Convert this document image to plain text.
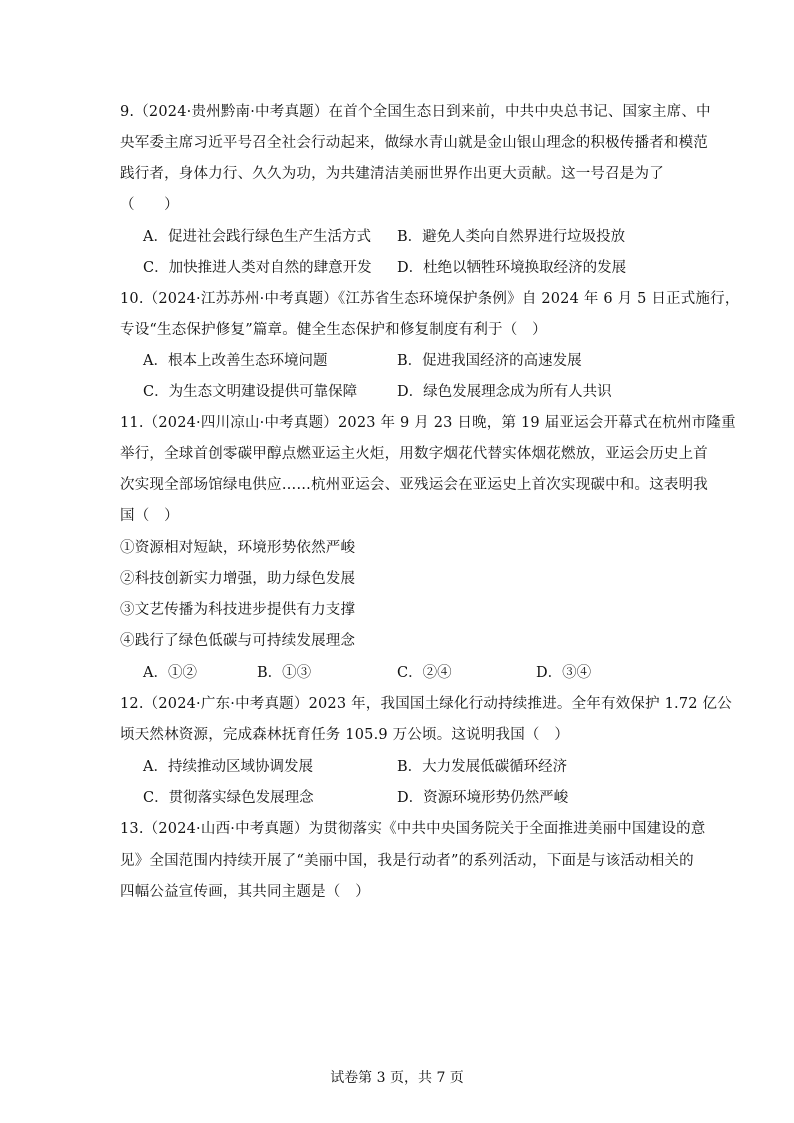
9.（2024·贵州黔南·中考真题）在首个全国生态日到来前，中共中央总书记、国家主席、中
央军委主席习近平号召全社会行动起来，做绿水青山就是金山银山理念的积极传播者和模范
践行者，身体力行、久久为功，为共建清洁美丽世界作出更大贡献。这一号召是为了
（　　）
A．促进社会践行绿色生产生活方式 B．避免人类向自然界进行垃圾投放
C．加快推进人类对自然的肆意开发 D．杜绝以牺牲环境换取经济的发展
10.（2024·江苏苏州·中考真题）《江苏省生态环境保护条例》自 2024 年 6 月 5 日正式施行，
专设“生态保护修复”篇章。健全生态保护和修复制度有利于（　）
A．根本上改善生态环境问题	B．促进我国经济的高速发展
C．为生态文明建设提供可靠保障	D．绿色发展理念成为所有人共识
11.（2024·四川凉山·中考真题）2023 年 9 月 23 日晚，第 19 届亚运会开幕式在杭州市隆重
举行，全球首创零碳甲醇点燃亚运主火炬，用数字烟花代替实体烟花燃放，亚运会历史上首
次实现全部场馆绿电供应……杭州亚运会、亚残运会在亚运史上首次实现碳中和。这表明我
国（　）
①资源相对短缺，环境形势依然严峻
②科技创新实力增强，助力绿色发展
③文艺传播为科技进步提供有力支撑
④践行了绿色低碳与可持续发展理念
A．①②	B．①③	C．②④	D．③④
12.（2024·广东·中考真题）2023 年，我国国土绿化行动持续推进。全年有效保护 1.72 亿公
顷天然林资源，完成森林抚育任务 105.9 万公顷。这说明我国（　）
A．持续推动区域协调发展	B．大力发展低碳循环经济
C．贯彻落实绿色发展理念	D．资源环境形势仍然严峻
13.（2024·山西·中考真题）为贯彻落实《中共中央国务院关于全面推进美丽中国建设的意
见》全国范围内持续开展了“美丽中国，我是行动者”的系列活动，下面是与该活动相关的
四幅公益宣传画，其共同主题是（　）
试卷第 3 页，共 7 页
